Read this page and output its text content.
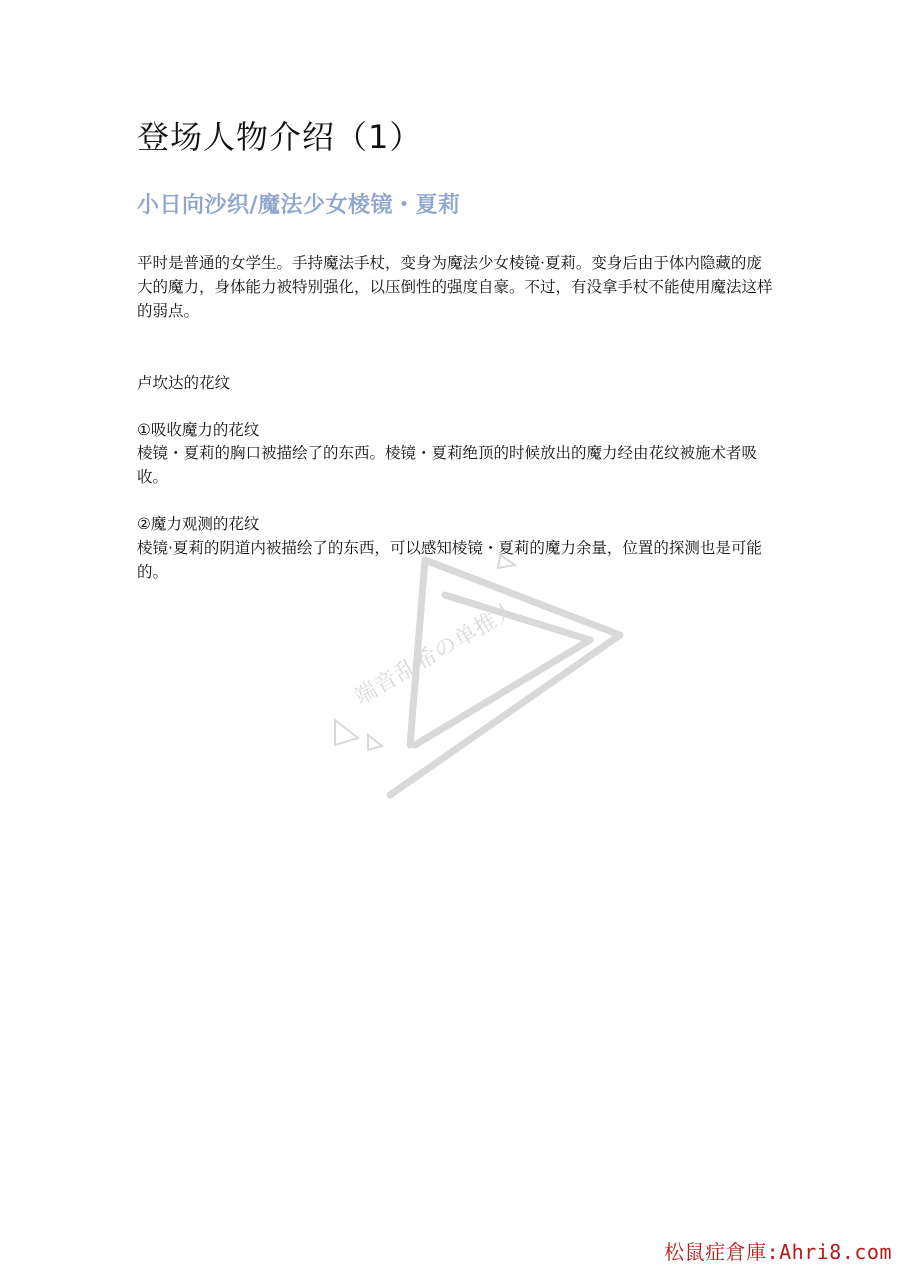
登场人物介绍（1）
小日向沙织/魔法少女棱镜・夏莉

平时是普通的女学生。手持魔法手杖，变身为魔法少女棱镜·夏莉。变身后由于体内隐藏的庞大的魔力，身体能力被特别强化，以压倒性的强度自豪。不过，有没拿手杖不能使用魔法这样的弱点。

卢坎达的花纹

①吸收魔力的花纹

棱镜・夏莉的胸口被描绘了的东西。棱镜・夏莉绝顶的时候放出的魔力经由花纹被施术者吸收。

②魔力观测的花纹

棱镜·夏莉的阴道内被描绘了的东西，可以感知棱镜・夏莉的魔力余量，位置的探测也是可能的。

端音乱希の单推人
松鼠症倉庫:Ahri8.com
